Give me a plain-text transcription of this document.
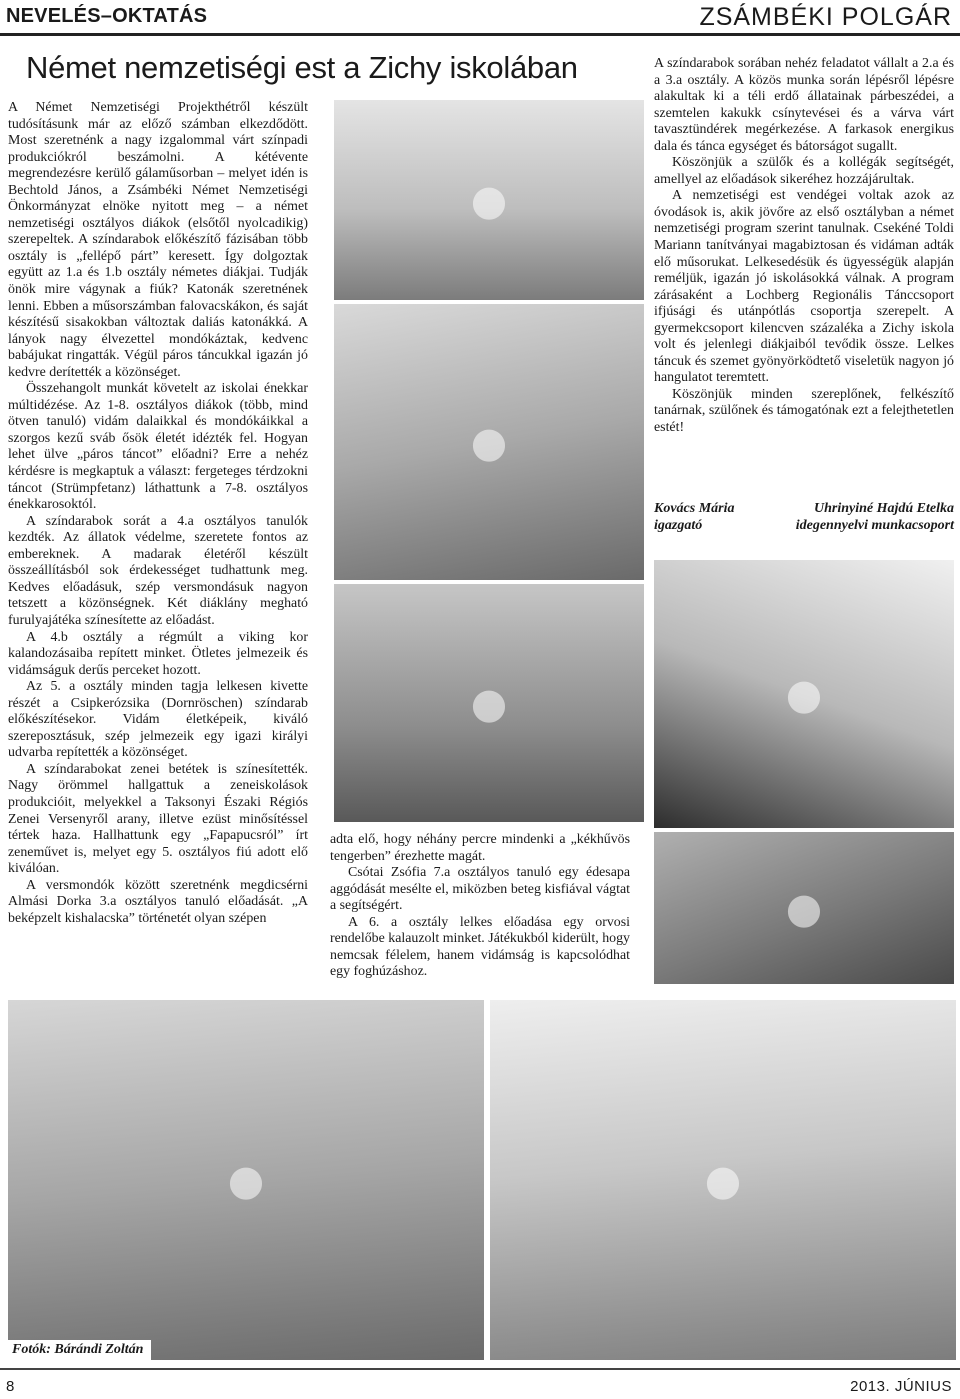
NEVELÉS–OKTATÁS	ZSÁMBÉKI POLGÁR
Német nemzetiségi est a Zichy iskolában

A Német Nemzetiségi Projekthétről készült tudósításunk már az előző számban elkezdődött. Most szeretnénk a nagy izgalommal várt színpadi produkciókról beszámolni. A kétévente megrendezésre kerülő gálaműsorban – melyet idén is Bechtold János, a Zsámbéki Német Nemzetiségi Önkormányzat elnöke nyitott meg – a német nemzetiségi osztályos diákok (elsőtől nyolcadikig) szerepeltek. A színdarabok előkészítő fázisában több osztály is „fellépő párt” keresett. Így dolgoztak együtt az 1.a és 1.b osztály németes diákjai. Tudják önök mire vágynak a fiúk? Katonák szeretnének lenni. Ebben a műsorszámban falovacskákon, és saját készítésű sisakokban változtak daliás katonákká. A lányok nagy élvezettel mondókáztak, kedvenc babájukat ringatták. Végül páros táncukkal igazán jó kedvre derítették a közönséget.

Összehangolt munkát követelt az iskolai énekkar múltidézése. Az 1-8. osztályos diákok (több, mind ötven tanuló) vidám dalaikkal és mondókáikkal a szorgos kezű sváb ősök életét idézték fel. Hogyan lehet ülve „páros táncot” előadni? Erre a nehéz kérdésre is megkaptuk a választ: fergeteges térdzokni táncot (Strümpfetanz) láthattunk a 7-8. osztályos énekkarosoktól.

A színdarabok sorát a 4.a osztályos tanulók kezdték. Az állatok védelme, szeretete fontos az embereknek. A madarak életéről készült összeállításból sok érdekességet tudhattunk meg. Kedves előadásuk, szép versmondásuk nagyon tetszett a közönségnek. Két diáklány megható furulyajátéka színesítette az előadást.

A 4.b osztály a régmúlt a viking kor kalandozásaiba repített minket. Ötletes jelmezeik és vidámságuk derűs perceket hozott.

Az 5. a osztály minden tagja lelkesen kivette részét a Csipkerózsika (Dornröschen) színdarab előkészítésekor. Vidám életképeik, kiváló szereposztásuk, szép jelmezeik egy igazi királyi udvarba repítették a közönséget.

A színdarabokat zenei betétek is színesítették. Nagy örömmel hallgattuk a zeneiskolások produkcióit, melyekkel a Taksonyi Északi Régiós Zenei Versenyről arany, illetve ezüst minősítéssel tértek haza. Hallhattunk egy „Fapapucsról” írt zeneművet is, melyet egy 5. osztályos fiú adott elő kiválóan.

A versmondók között szeretnénk megdicsérni Almási Dorka 3.a osztályos tanuló előadását. „A beképzelt kishalacska” történetét olyan szépen

●
●
●	●
●
●	●

adta elő, hogy néhány percre mindenki a „kékhűvös tengerben” érezhette magát.

Csótai Zsófia 7.a osztályos tanuló egy édesapa aggódását mesélte el, miközben beteg kisfiával vágtat a segítségért.

A 6. a osztály lelkes előadása egy orvosi rendelőbe kalauzolt minket. Játékukból kiderült, hogy nemcsak félelem, hanem vidámság is kapcsolódhat egy foghúzáshoz.

A színdarabok sorában nehéz feladatot vállalt a 2.a és a 3.a osztály. A közös munka során lépésről lépésre alakultak ki a téli erdő állatainak párbeszédei, a szemtelen kakukk csínytevései és a várva várt tavasztündérek megérkezése. A farkasok energikus dala és tánca egységet és bátorságot sugallt.

Köszönjük a szülők és a kollégák segítségét, amellyel az előadások sikeréhez hozzájárultak.

A nemzetiségi est vendégei voltak azok az óvodások is, akik jövőre az első osztályban a német nemzetiségi program szerint tanulnak. Csekéné Toldi Mariann tanítványai magabiztosan és vidáman adták elő műsorukat. Lelkesedésük és ügyességük alapján reméljük, igazán jó iskolásokká válnak. A program zárásaként a Lochberg Regionális Tánccsoport ifjúsági és utánpótlás csoportja szerepelt. A gyermekcsoport kilencven százaléka a Zichy iskola volt és jelenlegi diákjaiból tevődik össze. Lelkes táncuk és szemet gyönyörködtető viseletük nagyon jó hangulatot teremtett.

Köszönjük minden szereplőnek, felkészítő tanárnak, szülőnek és támogatónak ezt a felejthetetlen estét!

Kovács Mária
igazgató
Uhrinyiné Hajdú Etelka
idegennyelvi munkacsoport
Fotók: Bárándi Zoltán
8	2013. JÚNIUS
